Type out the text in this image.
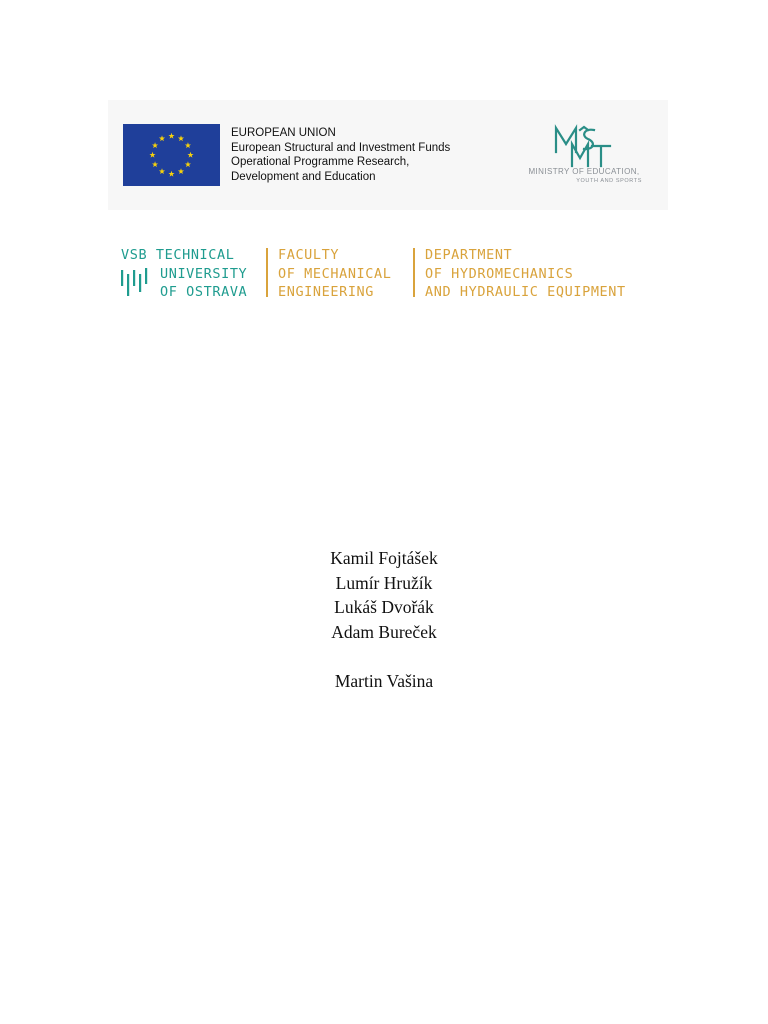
EUROPEAN UNION
European Structural and Investment Funds
Operational Programme Research,
Development and Education	MINISTRY OF EDUCATION,
YOUTH AND SPORTS
VSB TECHNICAL
UNIVERSITY
OF OSTRAVA
FACULTY
OF MECHANICAL
ENGINEERING
DEPARTMENT
OF HYDROMECHANICS
AND HYDRAULIC EQUIPMENT
Kamil Fojtášek
Lumír Hružík
Lukáš Dvořák
Adam Bureček
Martin Vašina
